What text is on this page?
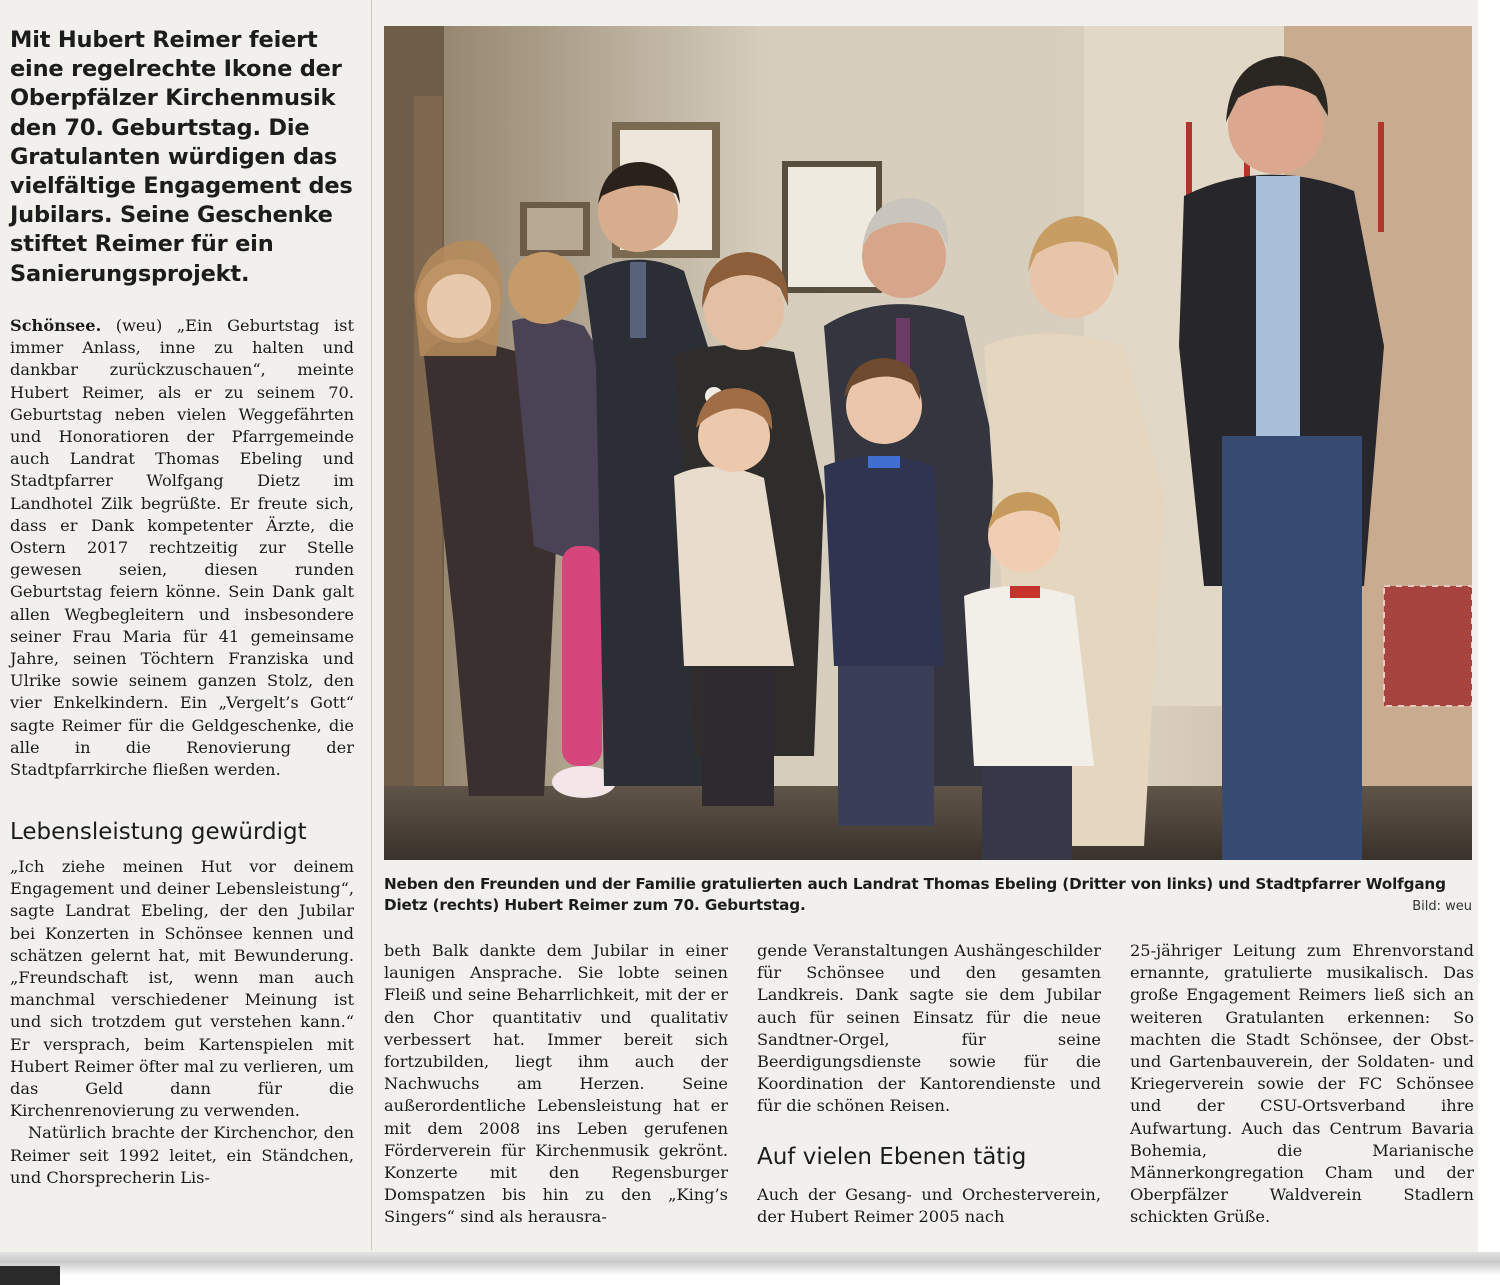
Mit Hubert Reimer feiert
eine regelrechte Ikone der
Oberpfälzer Kirchenmusik
den 70. Geburtstag. Die
Gratulanten würdigen das
vielfältige Engagement des
Jubilars. Seine Geschenke
stiftet Reimer für ein
Sanierungsprojekt.

Schönsee. (weu) „Ein Geburtstag ist immer Anlass, inne zu halten und dankbar zurückzuschauen“, meinte Hubert Reimer, als er zu seinem 70. Geburtstag neben vielen Weggefährten und Honoratioren der Pfarrgemeinde auch Landrat Thomas Ebeling und Stadtpfarrer Wolfgang Dietz im Landhotel Zilk begrüßte. Er freute sich, dass er Dank kompetenter Ärzte, die Ostern 2017 rechtzeitig zur Stelle gewesen seien, diesen runden Geburtstag feiern könne. Sein Dank galt allen Wegbegleitern und insbesondere seiner Frau Maria für 41 gemeinsame Jahre, seinen Töchtern Franziska und Ulrike sowie seinem ganzen Stolz, den vier Enkelkindern. Ein „Vergelt’s Gott“ sagte Reimer für die Geldgeschenke, die alle in die Renovierung der Stadtpfarrkirche fließen werden.

Lebensleistung gewürdigt

„Ich ziehe meinen Hut vor deinem Engagement und deiner Lebensleistung“, sagte Landrat Ebeling, der den Jubilar bei Konzerten in Schönsee kennen und schätzen gelernt hat, mit Bewunderung. „Freundschaft ist, wenn man auch manchmal verschiedener Meinung ist und sich trotzdem gut verstehen kann.“ Er versprach, beim Kartenspielen mit Hubert Reimer öfter mal zu verlieren, um das Geld dann für die Kirchenrenovierung zu verwenden.

Natürlich brachte der Kirchenchor, den Reimer seit 1992 leitet, ein Ständchen, und Chorsprecherin Lis-

Neben den Freunden und der Familie gratulierten auch Landrat Thomas Ebeling (Dritter von links) und Stadtpfarrer Wolfgang Dietz (rechts) Hubert Reimer zum 70. Geburtstag.	Bild: weu

beth Balk dankte dem Jubilar in einer launigen Ansprache. Sie lobte seinen Fleiß und seine Beharrlichkeit, mit der er den Chor quantitativ und qualitativ verbessert hat. Immer bereit sich fortzubilden, liegt ihm auch der Nachwuchs am Herzen. Seine außerordentliche Lebensleistung hat er mit dem 2008 ins Leben gerufenen Förderverein für Kirchenmusik gekrönt. Konzerte mit den Regensburger Domspatzen bis hin zu den „King’s Singers“ sind als herausra-

gende Veranstaltungen Aushängeschilder für Schönsee und den gesamten Landkreis. Dank sagte sie dem Jubilar auch für seinen Einsatz für die neue Sandtner-Orgel, für seine Beerdigungsdienste sowie für die Koordination der Kantorendienste und für die schönen Reisen.

Auf vielen Ebenen tätig

Auch der Gesang- und Orchesterverein, der Hubert Reimer 2005 nach

25-jähriger Leitung zum Ehrenvorstand ernannte, gratulierte musikalisch. Das große Engagement Reimers ließ sich an weiteren Gratulanten erkennen: So machten die Stadt Schönsee, der Obst- und Gartenbauverein, der Soldaten- und Kriegerverein sowie der FC Schönsee und der CSU-Ortsverband ihre Aufwartung. Auch das Centrum Bavaria Bohemia, die Marianische Männerkongregation Cham und der Oberpfälzer Waldverein Stadlern schickten Grüße.
